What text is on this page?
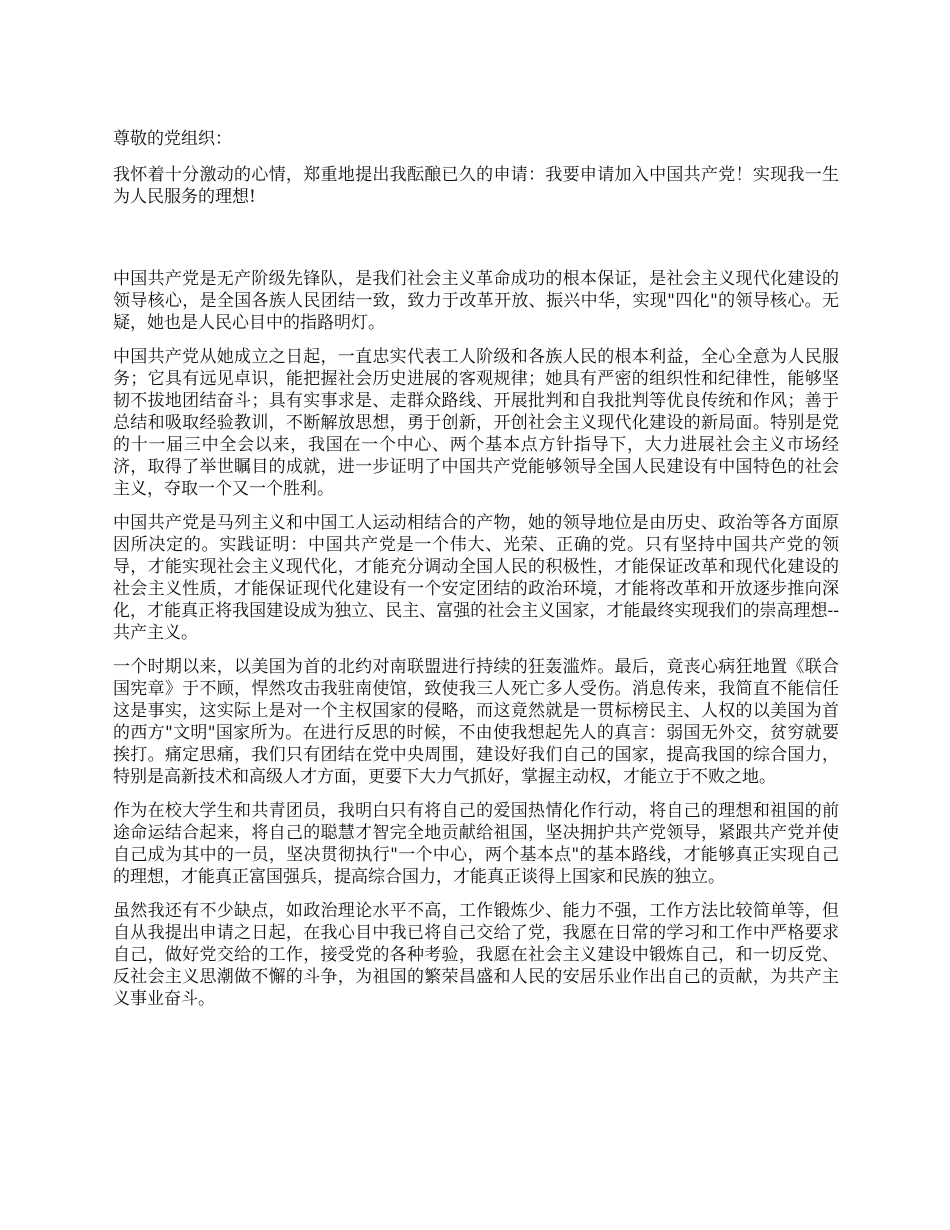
尊敬的党组织：

我怀着十分激动的心情，郑重地提出我酝酿已久的申请：我要申请加入中国共产党！实现我一生为人民服务的理想!

中国共产党是无产阶级先锋队，是我们社会主义革命成功的根本保证，是社会主义现代化建设的领导核心，是全国各族人民团结一致，致力于改革开放、振兴中华，实现"四化"的领导核心。无疑，她也是人民心目中的指路明灯。

中国共产党从她成立之日起，一直忠实代表工人阶级和各族人民的根本利益，全心全意为人民服务；它具有远见卓识，能把握社会历史进展的客观规律；她具有严密的组织性和纪律性，能够坚韧不拔地团结奋斗；具有实事求是、走群众路线、开展批判和自我批判等优良传统和作风；善于总结和吸取经验教训，不断解放思想，勇于创新，开创社会主义现代化建设的新局面。特别是党的十一届三中全会以来，我国在一个中心、两个基本点方针指导下，大力进展社会主义市场经济，取得了举世瞩目的成就，进一步证明了中国共产党能够领导全国人民建设有中国特色的社会主义，夺取一个又一个胜利。

中国共产党是马列主义和中国工人运动相结合的产物，她的领导地位是由历史、政治等各方面原因所决定的。实践证明：中国共产党是一个伟大、光荣、正确的党。只有坚持中国共产党的领导，才能实现社会主义现代化，才能充分调动全国人民的积极性，才能保证改革和现代化建设的社会主义性质，才能保证现代化建设有一个安定团结的政治环境，才能将改革和开放逐步推向深化，才能真正将我国建设成为独立、民主、富强的社会主义国家，才能最终实现我们的崇高理想--共产主义。

一个时期以来，以美国为首的北约对南联盟进行持续的狂轰滥炸。最后，竟丧心病狂地置《联合国宪章》于不顾，悍然攻击我驻南使馆，致使我三人死亡多人受伤。消息传来，我简直不能信任这是事实，这实际上是对一个主权国家的侵略，而这竟然就是一贯标榜民主、人权的以美国为首的西方"文明"国家所为。在进行反思的时候，不由使我想起先人的真言：弱国无外交，贫穷就要挨打。痛定思痛，我们只有团结在党中央周围，建设好我们自己的国家，提高我国的综合国力，特别是高新技术和高级人才方面，更要下大力气抓好，掌握主动权，才能立于不败之地。

作为在校大学生和共青团员，我明白只有将自己的爱国热情化作行动，将自己的理想和祖国的前途命运结合起来，将自己的聪慧才智完全地贡献给祖国，坚决拥护共产党领导，紧跟共产党并使自己成为其中的一员，坚决贯彻执行"一个中心，两个基本点"的基本路线，才能够真正实现自己的理想，才能真正富国强兵，提高综合国力，才能真正谈得上国家和民族的独立。

虽然我还有不少缺点，如政治理论水平不高，工作锻炼少、能力不强，工作方法比较简单等，但自从我提出申请之日起，在我心目中我已将自己交给了党，我愿在日常的学习和工作中严格要求自己，做好党交给的工作，接受党的各种考验，我愿在社会主义建设中锻炼自己，和一切反党、反社会主义思潮做不懈的斗争，为祖国的繁荣昌盛和人民的安居乐业作出自己的贡献，为共产主义事业奋斗。
